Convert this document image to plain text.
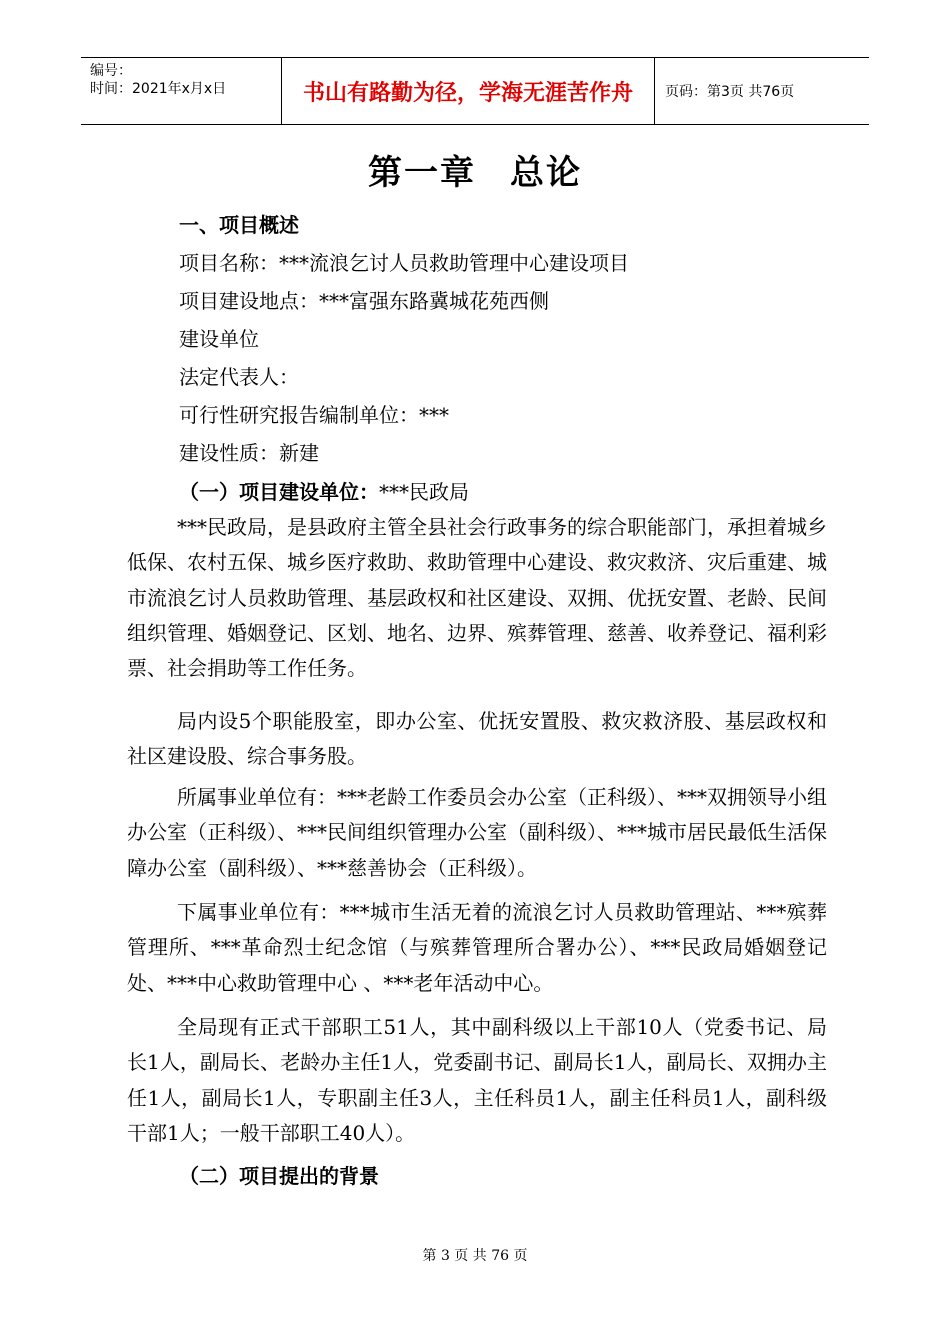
编号：
时间：2021年x月x日	书山有路勤为径，学海无涯苦作舟	页码：第3页 共76页
第一章 总论
一、项目概述
项目名称：***流浪乞讨人员救助管理中心建设项目
项目建设地点：***富强东路冀城花苑西侧
建设单位
法定代表人：
可行性研究报告编制单位：***
建设性质：新建
（一）项目建设单位：***民政局
***民政局，是县政府主管全县社会行政事务的综合职能部门，承担着城乡低保、农村五保、城乡医疗救助、救助管理中心建设、救灾救济、灾后重建、城市流浪乞讨人员救助管理、基层政权和社区建设、双拥、优抚安置、老龄、民间组织管理、婚姻登记、区划、地名、边界、殡葬管理、慈善、收养登记、福利彩票、社会捐助等工作任务。
局内设5个职能股室，即办公室、优抚安置股、救灾救济股、基层政权和社区建设股、综合事务股。
所属事业单位有：***老龄工作委员会办公室（正科级）、***双拥领导小组办公室（正科级）、***民间组织管理办公室（副科级）、***城市居民最低生活保障办公室（副科级）、***慈善协会（正科级）。
下属事业单位有：***城市生活无着的流浪乞讨人员救助管理站、***殡葬管理所、***革命烈士纪念馆（与殡葬管理所合署办公）、***民政局婚姻登记处、***中心救助管理中心 、***老年活动中心。
全局现有正式干部职工51人，其中副科级以上干部10人（党委书记、局长1人，副局长、老龄办主任1人，党委副书记、副局长1人，副局长、双拥办主任1人，副局长1人，专职副主任3人，主任科员1人，副主任科员1人，副科级干部1人；一般干部职工40人）。
（二）项目提出的背景
第 3 页 共 76 页
